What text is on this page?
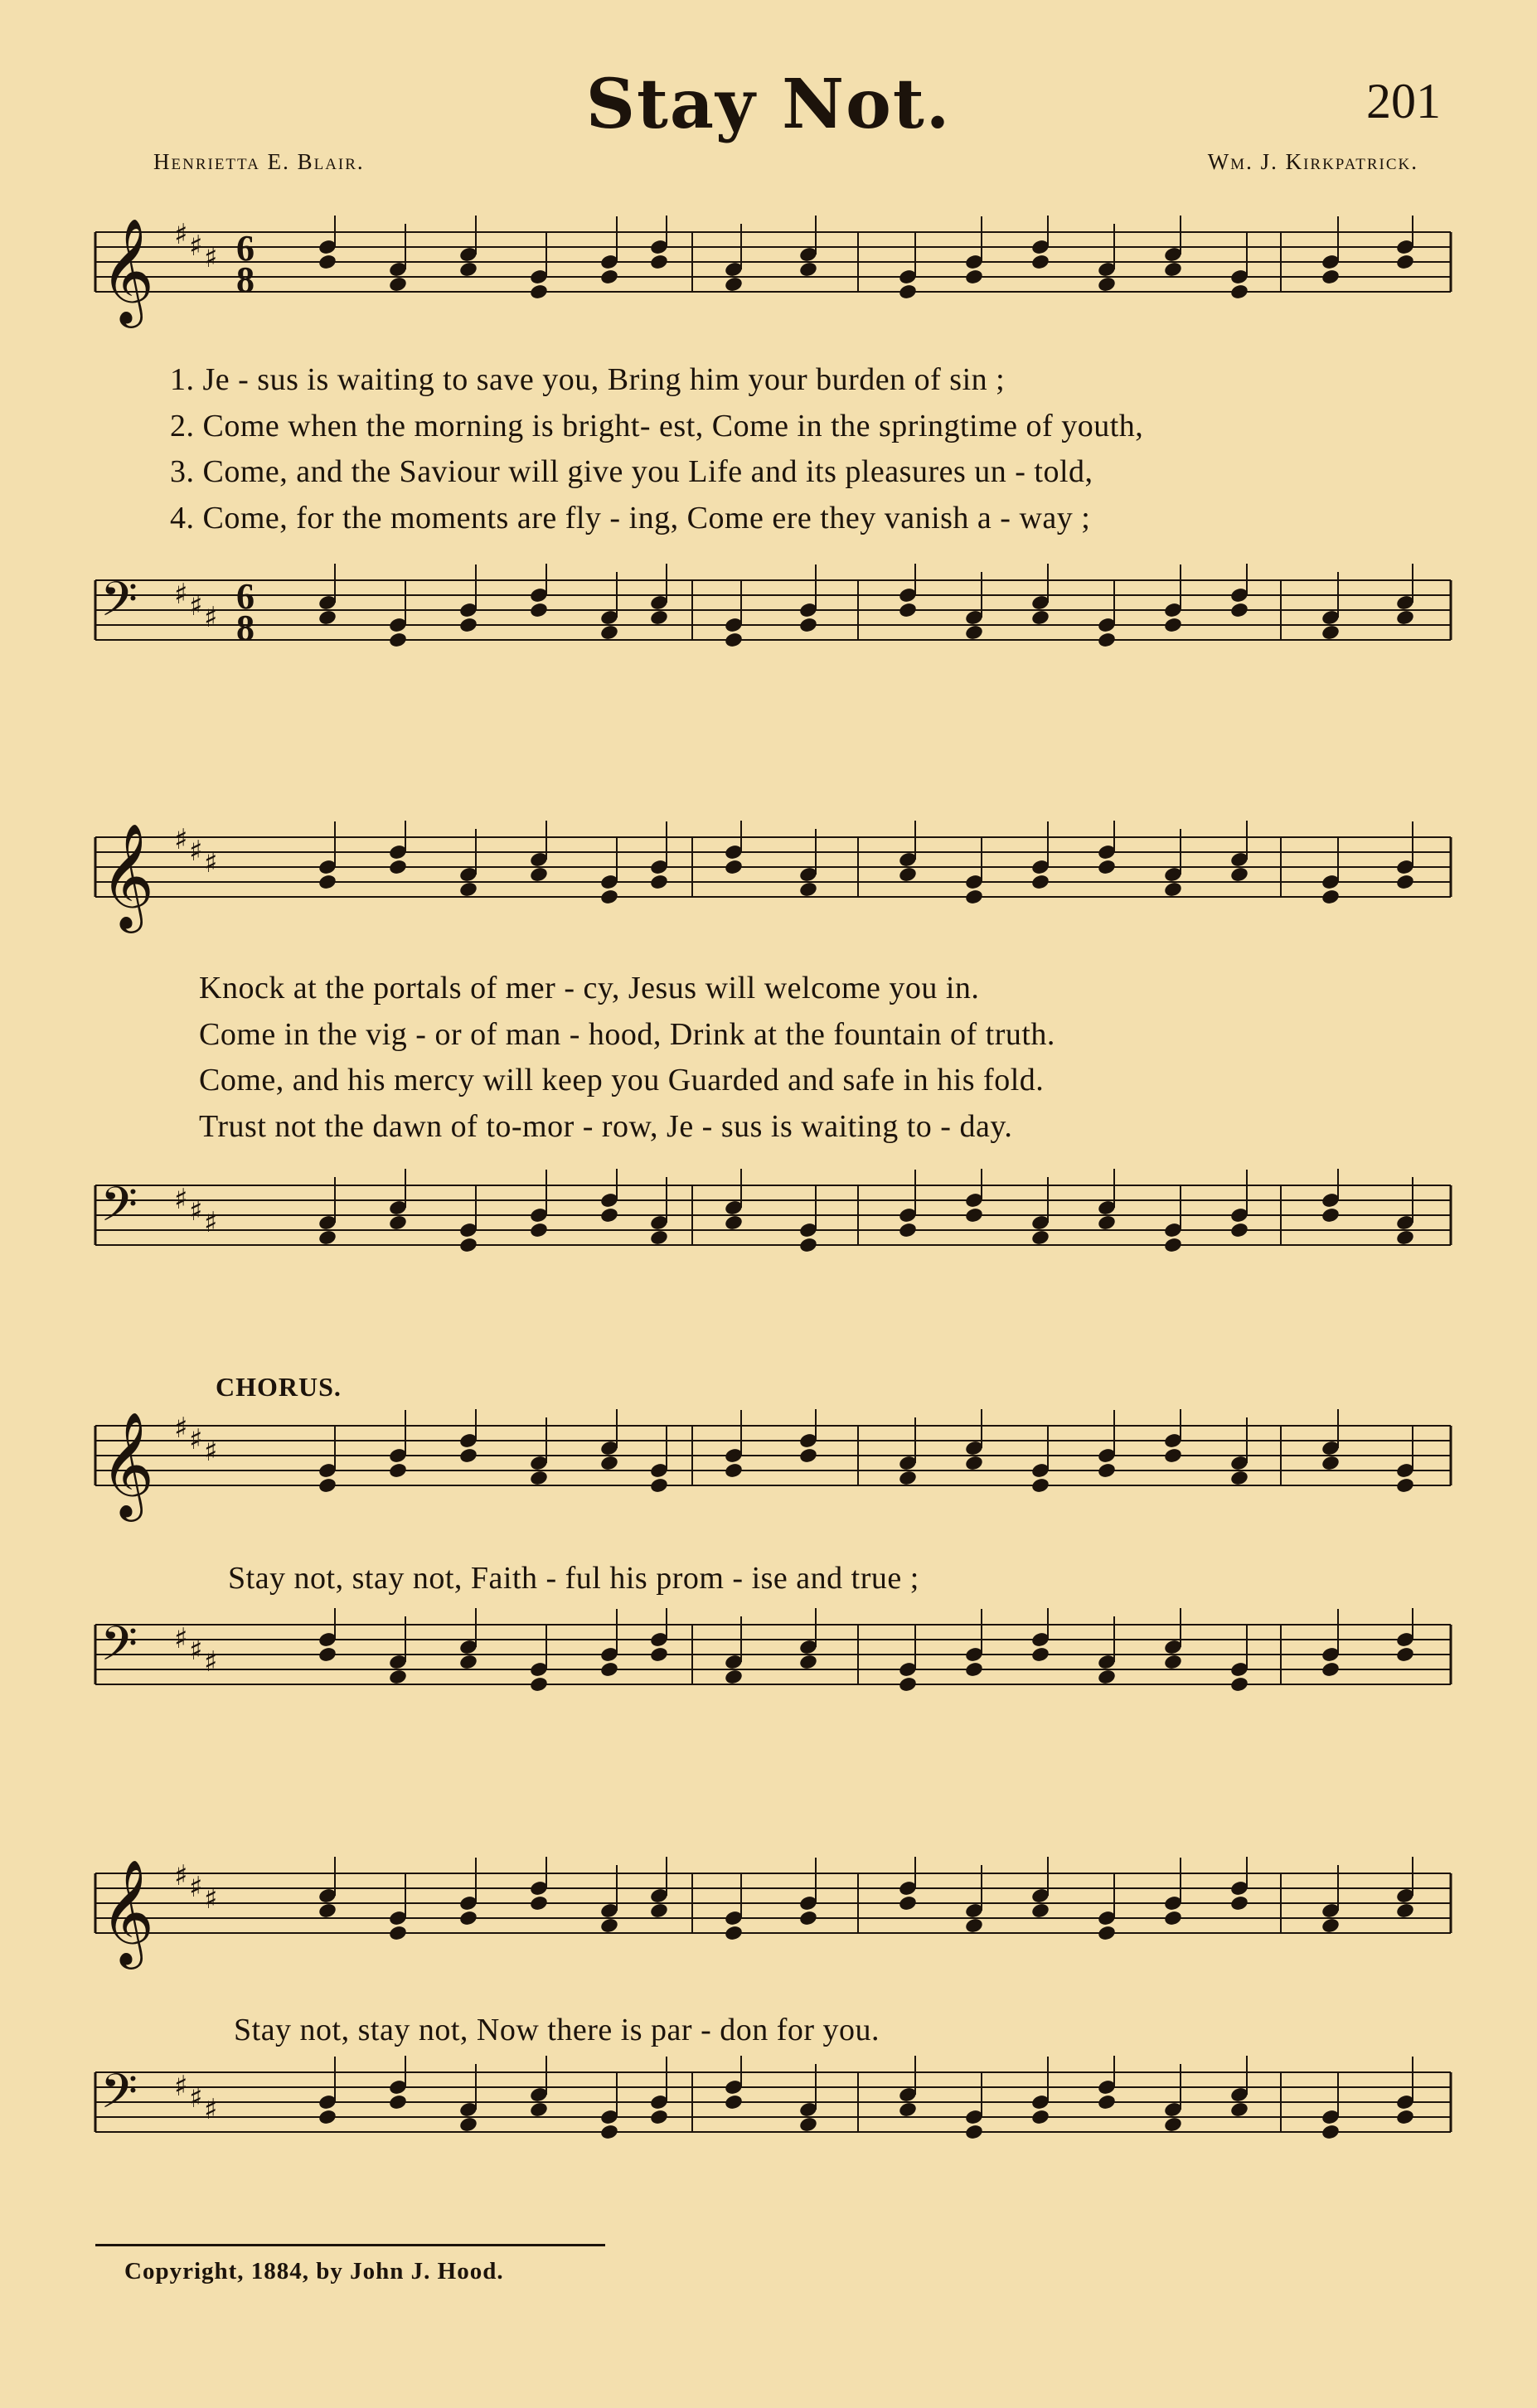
Stay Not.	201
Henrietta E. Blair.	Wm. J. Kirkpatrick.
𝄞 ♯ ♯ ♯ 6
8
𝄢 ♯ ♯ ♯
6
8
1. Je - sus is waiting to save you, Bring him your burden of sin ;
2. Come when the morning is bright- est, Come in the springtime of youth,
3. Come, and the Saviour will give you Life and its pleasures un - told,
4. Come, for the moments are fly - ing, Come ere they vanish a - way ;
𝄞 ♯ ♯ ♯
𝄢 ♯ ♯ ♯
Knock at the portals of mer - cy, Jesus will welcome you in.
Come in the vig - or of man - hood, Drink at the fountain of truth.
Come, and his mercy will keep you Guarded and safe in his fold.
Trust not the dawn of to-mor - row, Je - sus is waiting to - day.
CHORUS.
𝄞 ♯ ♯ ♯
𝄢 ♯ ♯ ♯
Stay not, stay not, Faith - ful his prom - ise and true ;
𝄞 ♯ ♯ ♯
𝄢 ♯ ♯ ♯
Stay not, stay not, Now there is par - don for you.
Copyright, 1884, by John J. Hood.
